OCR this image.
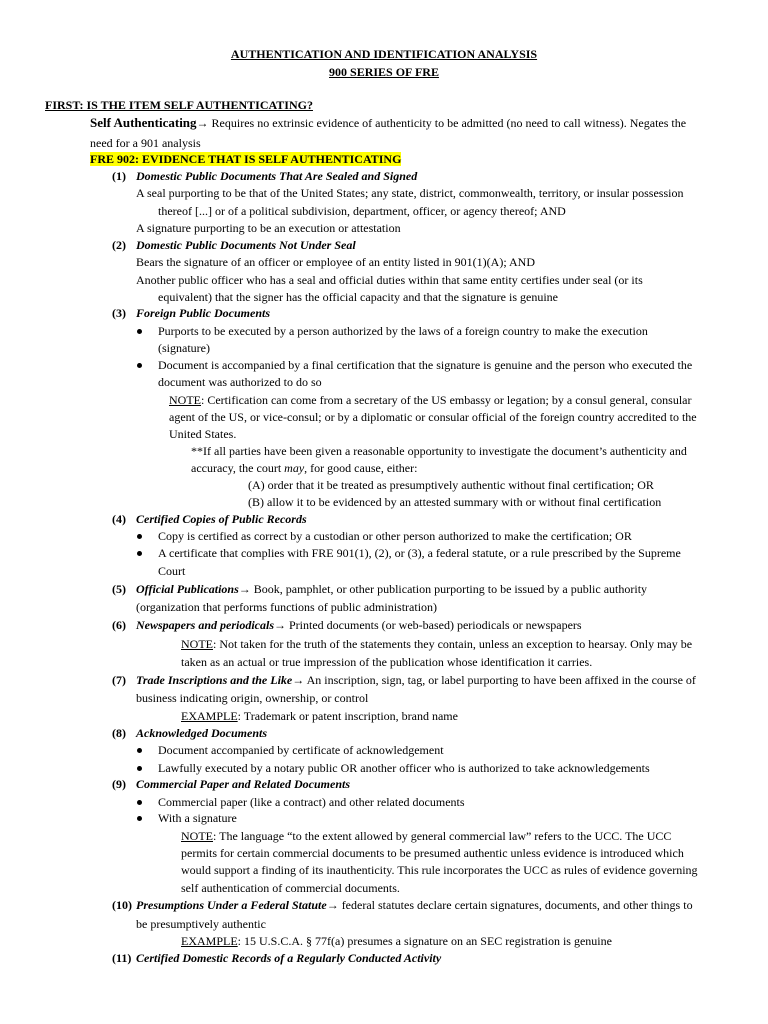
AUTHENTICATION AND IDENTIFICATION ANALYSIS
900 SERIES OF FRE
FIRST: IS THE ITEM SELF AUTHENTICATING?
Self Authenticating→ Requires no extrinsic evidence of authenticity to be admitted (no need to call witness). Negates the
need for a 901 analysis
FRE 902: EVIDENCE THAT IS SELF AUTHENTICATING
(1) Domestic Public Documents That Are Sealed and Signed
A seal purporting to be that of the United States; any state, district, commonwealth, territory, or insular possession
thereof [...] or of a political subdivision, department, officer, or agency thereof; AND
A signature purporting to be an execution or attestation
(2) Domestic Public Documents Not Under Seal
Bears the signature of an officer or employee of an entity listed in 901(1)(A); AND
Another public officer who has a seal and official duties within that same entity certifies under seal (or its
equivalent) that the signer has the official capacity and that the signature is genuine
(3) Foreign Public Documents
Purports to be executed by a person authorized by the laws of a foreign country to make the execution
(signature)
Document is accompanied by a final certification that the signature is genuine and the person who executed the
document was authorized to do so
NOTE: Certification can come from a secretary of the US embassy or legation; by a consul general, consular
agent of the US, or vice-consul; or by a diplomatic or consular official of the foreign country accredited to the
United States.
**If all parties have been given a reasonable opportunity to investigate the document’s authenticity and
accuracy, the court may, for good cause, either:
(A) order that it be treated as presumptively authentic without final certification; OR
(B) allow it to be evidenced by an attested summary with or without final certification
(4) Certified Copies of Public Records
Copy is certified as correct by a custodian or other person authorized to make the certification; OR
A certificate that complies with FRE 901(1), (2), or (3), a federal statute, or a rule prescribed by the Supreme
Court
(5) Official Publications→ Book, pamphlet, or other publication purporting to be issued by a public authority
(organization that performs functions of public administration)
(6) Newspapers and periodicals→ Printed documents (or web-based) periodicals or newspapers
NOTE: Not taken for the truth of the statements they contain, unless an exception to hearsay. Only may be
taken as an actual or true impression of the publication whose identification it carries.
(7) Trade Inscriptions and the Like→ An inscription, sign, tag, or label purporting to have been affixed in the course of
business indicating origin, ownership, or control
EXAMPLE: Trademark or patent inscription, brand name
(8) Acknowledged Documents
Document accompanied by certificate of acknowledgement
Lawfully executed by a notary public OR another officer who is authorized to take acknowledgements
(9) Commercial Paper and Related Documents
Commercial paper (like a contract) and other related documents
With a signature
NOTE: The language “to the extent allowed by general commercial law” refers to the UCC. The UCC
permits for certain commercial documents to be presumed authentic unless evidence is introduced which
would support a finding of its inauthenticity. This rule incorporates the UCC as rules of evidence governing
self authentication of commercial documents.
(10) Presumptions Under a Federal Statute→ federal statutes declare certain signatures, documents, and other things to
be presumptively authentic
EXAMPLE: 15 U.S.C.A. § 77f(a) presumes a signature on an SEC registration is genuine
(11) Certified Domestic Records of a Regularly Conducted Activity
